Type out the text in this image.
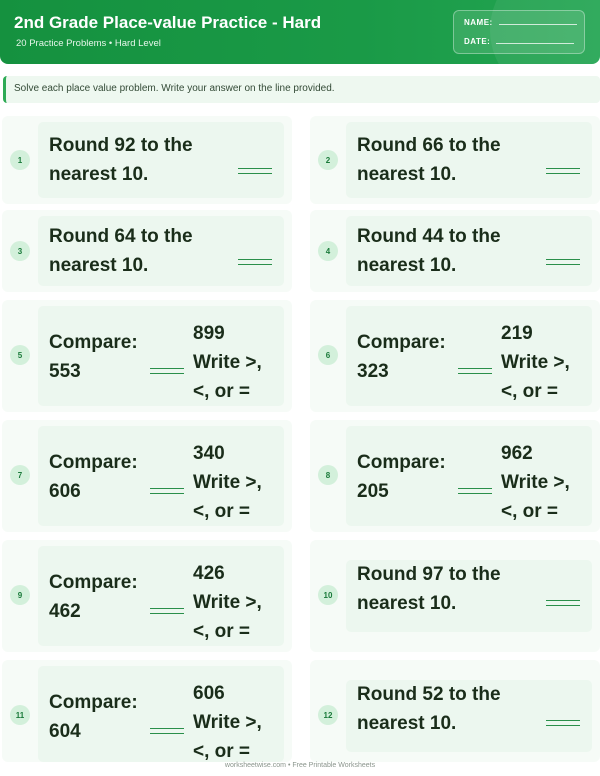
2nd Grade Place-value Practice - Hard
20 Practice Problems • Hard Level
NAME:
DATE:
Solve each place value problem. Write your answer on the line provided.
1
Round 92 to the
nearest 10.
2
Round 66 to the
nearest 10.
3
Round 64 to the
nearest 10.
4
Round 44 to the
nearest 10.
5
Compare:
553
899
Write >,
<, or =
6
Compare:
323
219
Write >,
<, or =
7
Compare:
606
340
Write >,
<, or =
8
Compare:
205
962
Write >,
<, or =
9
Compare:
462
426
Write >,
<, or =
10
Round 97 to the
nearest 10.
11
Compare:
604
606
Write >,
<, or =
12
Round 52 to the
nearest 10.
worksheetwise.com • Free Printable Worksheets
